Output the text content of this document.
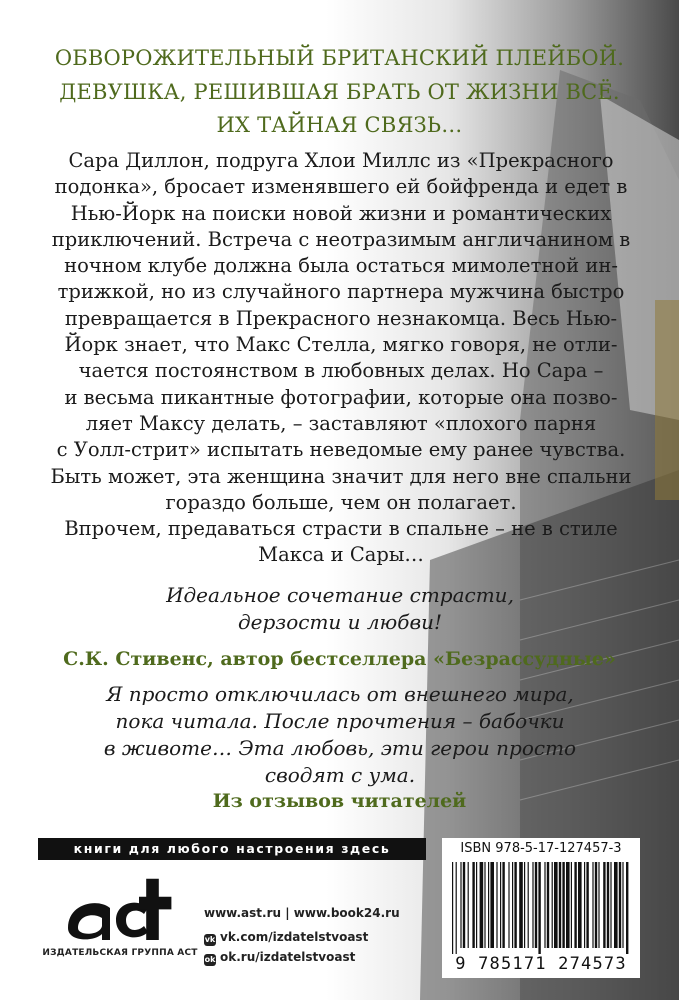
ОБВОРОЖИТЕЛЬНЫЙ БРИТАНСКИЙ ПЛЕЙБОЙ.
ДЕВУШКА, РЕШИВШАЯ БРАТЬ ОТ ЖИЗНИ ВСЁ.
ИХ ТАЙНАЯ СВЯЗЬ…
Сара Диллон, подруга Хлои Миллс из «Прекрасного
подонка», бросает изменявшего ей бойфренда и едет в
Нью-Йорк на поиски новой жизни и романтических
приключений. Встреча с неотразимым англичанином в
ночном клубе должна была остаться мимолетной ин-
трижкой, но из случайного партнера мужчина быстро
превращается в Прекрасного незнакомца. Весь Нью-
Йорк знает, что Макс Стелла, мягко говоря, не отли-
чается постоянством в любовных делах. Но Сара –
и весьма пикантные фотографии, которые она позво-
ляет Максу делать, – заставляют «плохого парня
с Уолл-стрит» испытать неведомые ему ранее чувства.
Быть может, эта женщина значит для него вне спальни
гораздо больше, чем он полагает.
Впрочем, предаваться страсти в спальне – не в стиле
Макса и Сары…
Идеальное сочетание страсти,
дерзости и любви!
С.К. Стивенс, автор бестселлера «Безрассудные»
Я просто отключилась от внешнего мира,
пока читала. После прочтения – бабочки
в животе… Эта любовь, эти герои просто
сводят с ума.
Из отзывов читателей
книги для любого настроения здесь
ИЗДАТЕЛЬСКАЯ ГРУППА АСТ
www.ast.ru | www.book24.ru
vk vk.com/izdatelstvoast
ok ok.ru/izdatelstvoast
ISBN 978-5-17-127457-3
9 785171 274573
